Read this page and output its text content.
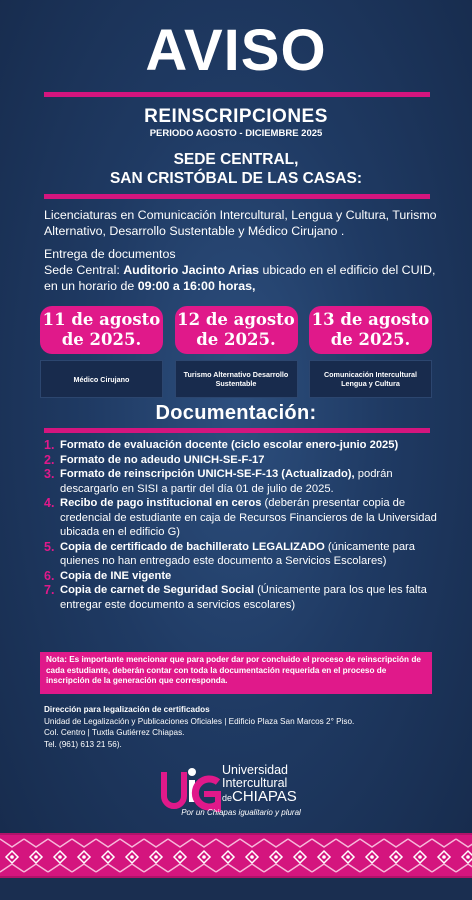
AVISO
REINSCRIPCIONES
PERIODO AGOSTO - DICIEMBRE 2025
SEDE CENTRAL,
SAN CRISTÓBAL DE LAS CASAS:
Licenciaturas en Comunicación Intercultural, Lengua y Cultura, Turismo Alternativo, Desarrollo Sustentable y Médico Cirujano .
Entrega de documentos
Sede Central: Auditorio Jacinto Arias ubicado en el edificio del CUID, en un horario de 09:00 a 16:00 horas,
11 de agosto de 2025.
Médico Cirujano
12 de agosto de 2025.
Turismo Alternativo Desarrollo Sustentable
13 de agosto de 2025.
Comunicación Intercultural Lengua y Cultura
Documentación:
1. Formato de evaluación docente (ciclo escolar enero-junio 2025)
2. Formato de no adeudo UNICH-SE-F-17
3. Formato de reinscripción UNICH-SE-F-13 (Actualizado), podrán descargarlo en SISI a partir del día 01 de julio de 2025.
4. Recibo de pago institucional en ceros (deberán presentar copia de credencial de estudiante en caja de Recursos Financieros de la Universidad ubicada en el edificio G)
5. Copia de certificado de bachillerato LEGALIZADO (únicamente para quienes no han entregado este documento a Servicios Escolares)
6. Copia de INE vigente
7. Copia de carnet de Seguridad Social (Únicamente para los que les falta entregar este documento a servicios escolares)
Nota: Es importante mencionar que para poder dar por concluido el proceso de reinscripción de cada estudiante, deberán contar con toda la documentación requerida en el proceso de inscripción de la generación que corresponda.
Dirección para legalización de certificados
Unidad de Legalización y Publicaciones Oficiales | Edificio Plaza San Marcos 2° Piso.
Col. Centro | Tuxtla Gutiérrez Chiapas.
Tel. (961) 613 21 56).
Universidad
Intercultural
deCHIAPAS
Por un Chiapas igualitario y plural
